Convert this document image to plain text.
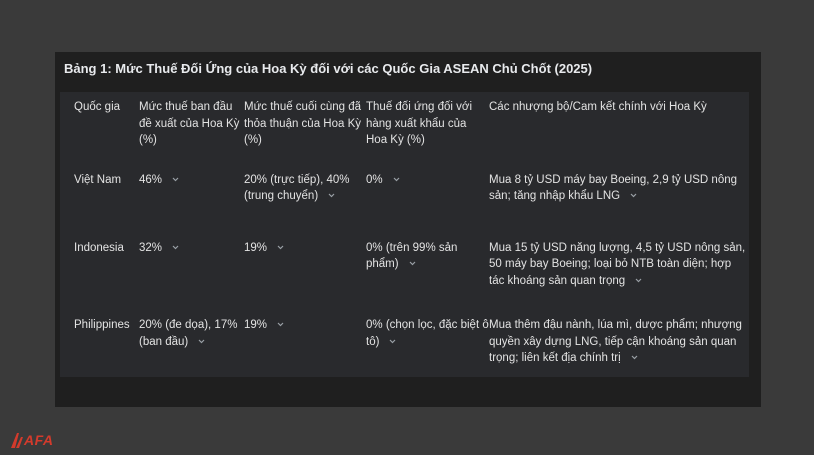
Bảng 1: Mức Thuế Đối Ứng của Hoa Kỳ đối với các Quốc Gia ASEAN Chủ Chốt (2025)
Quốc gia	Mức thuế ban đầu đề xuất của Hoa Kỳ (%)	Mức thuế cuối cùng đã thỏa thuận của Hoa Kỳ (%)	Thuế đối ứng đối với hàng xuất khẩu của Hoa Kỳ (%)	Các nhượng bộ/Cam kết chính với Hoa Kỳ
Việt Nam	46%	20% (trực tiếp), 40% (trung chuyển)	0%	Mua 8 tỷ USD máy bay Boeing, 2,9 tỷ USD nông sản; tăng nhập khẩu LNG

Indonesia	32%	19%	0% (trên 99% sản phẩm)	Mua 15 tỷ USD năng lượng, 4,5 tỷ USD nông sản, 50 máy bay Boeing; loại bỏ NTB toàn diện; hợp tác khoáng sản quan trọng

Philippines	20% (đe dọa), 17% (ban đầu)	19%	0% (chọn lọc, đặc biệt ô tô)	Mua thêm đậu nành, lúa mì, dược phẩm; nhượng quyền xây dựng LNG, tiếp cận khoáng sản quan trọng; liên kết địa chính trị
AFA
